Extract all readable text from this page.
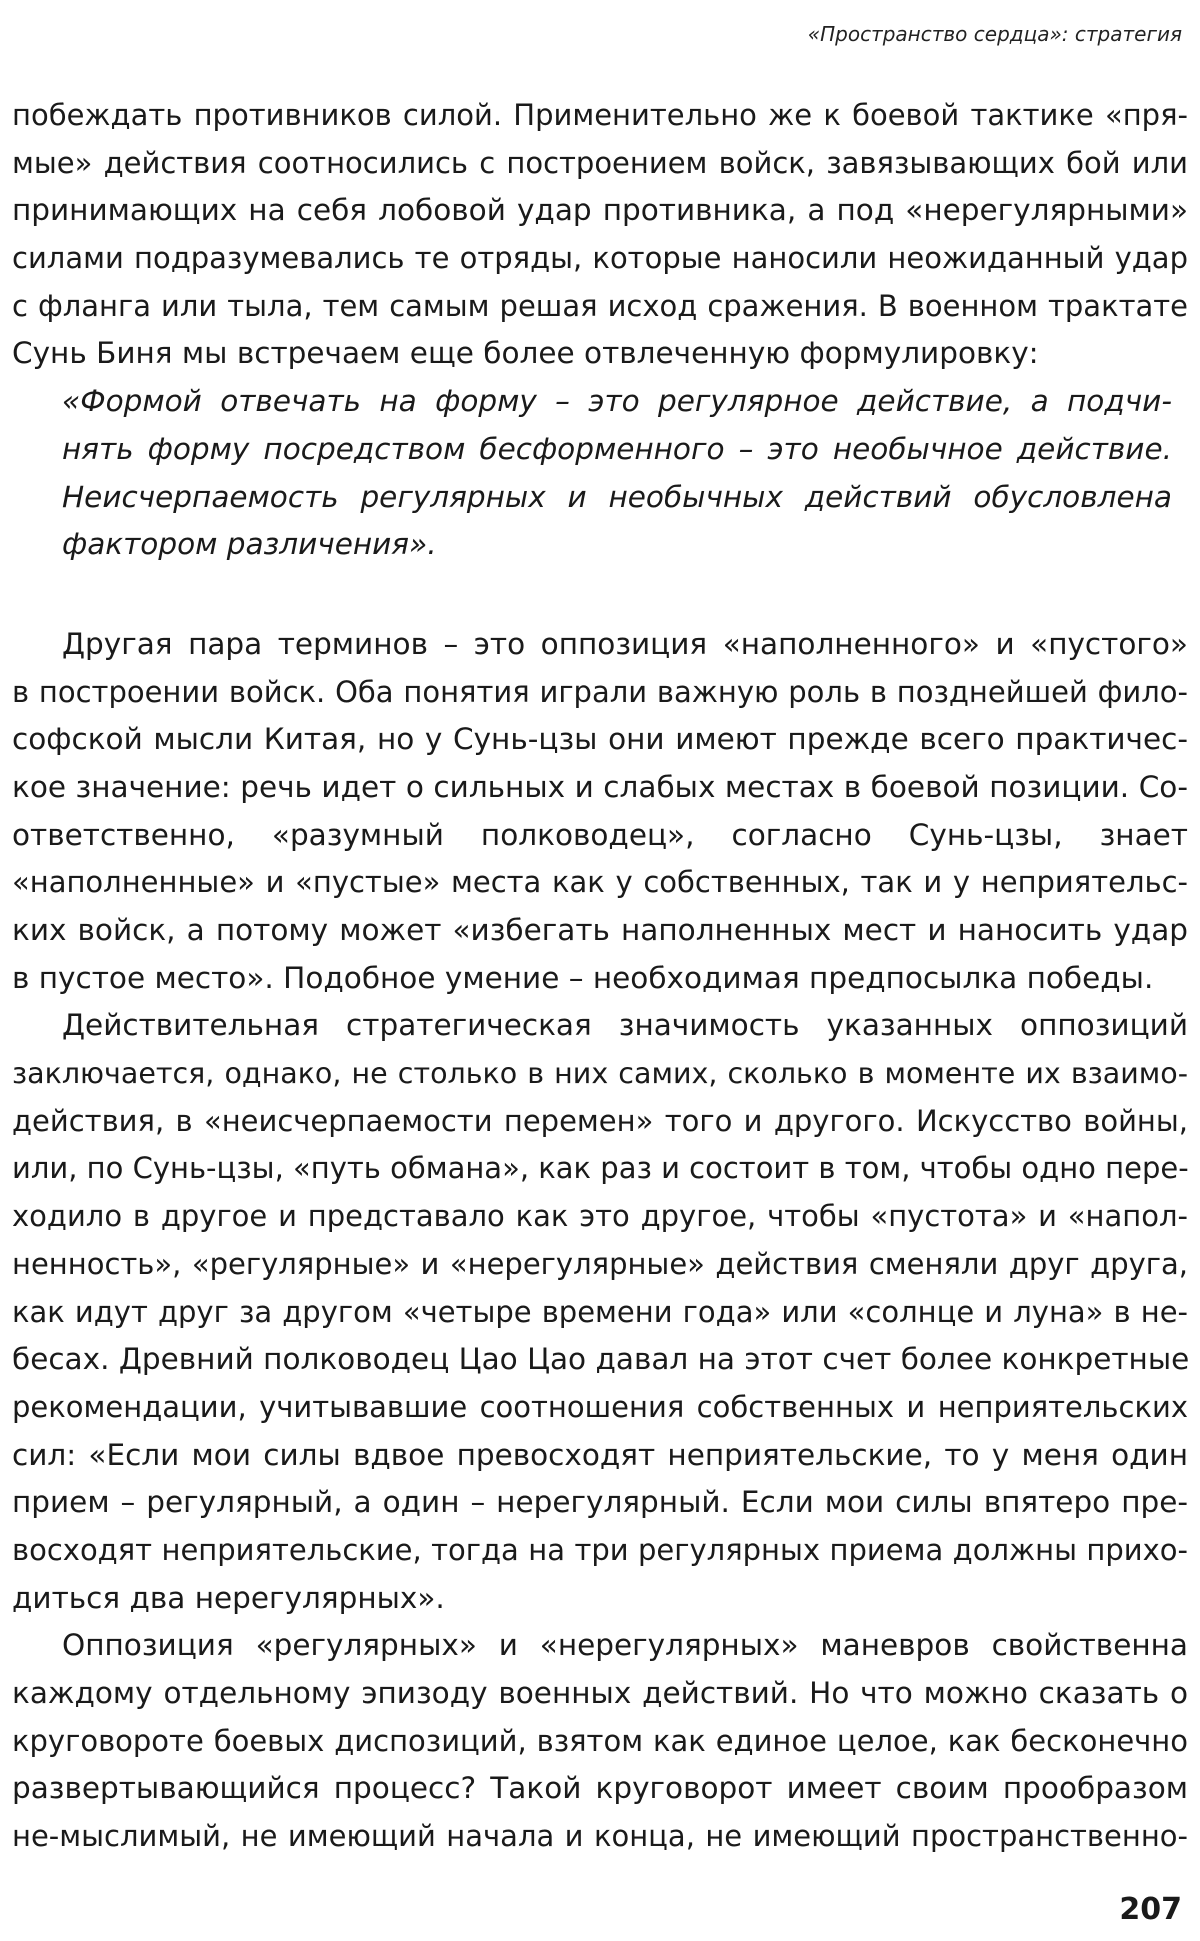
«Пространство сердца»: стратегия
побеждать противников силой. Применительно же к боевой тактике «пря-
мые» действия соотносились с построением войск, завязывающих бой или
принимающих на себя лобовой удар противника, а под «нерегулярными»
силами подразумевались те отряды, которые наносили неожиданный удар
с фланга или тыла, тем самым решая исход сражения. В военном трактате
Сунь Биня мы встречаем еще более отвлеченную формулировку:
«Формой отвечать на форму – это регулярное действие, а подчи-
нять форму посредством бесформенного – это необычное действие.
Неисчерпаемость регулярных и необычных действий обусловлена
фактором различения».
Другая пара терминов – это оппозиция «наполненного» и «пустого»
в построении войск. Оба понятия играли важную роль в позднейшей фило-
софской мысли Китая, но у Сунь-цзы они имеют прежде всего практичес-
кое значение: речь идет о сильных и слабых местах в боевой позиции. Со-
ответственно, «разумный полководец», согласно Сунь-цзы, знает
«наполненные» и «пустые» места как у собственных, так и у неприятельс-
ких войск, а потому может «избегать наполненных мест и наносить удар
в пустое место». Подобное умение – необходимая предпосылка победы.
Действительная стратегическая значимость указанных оппозиций
заключается, однако, не столько в них самих, сколько в моменте их взаимо-
действия, в «неисчерпаемости перемен» того и другого. Искусство войны,
или, по Сунь-цзы, «путь обмана», как раз и состоит в том, чтобы одно пере-
ходило в другое и представало как это другое, чтобы «пустота» и «напол-
ненность», «регулярные» и «нерегулярные» действия сменяли друг друга,
как идут друг за другом «четыре времени года» или «солнце и луна» в не-
бесах. Древний полководец Цао Цао давал на этот счет более конкретные
рекомендации, учитывавшие соотношения собственных и неприятельских
сил: «Если мои силы вдвое превосходят неприятельские, то у меня один
прием – регулярный, а один – нерегулярный. Если мои силы впятеро пре-
восходят неприятельские, тогда на три регулярных приема должны прихо-
диться два нерегулярных».
Оппозиция «регулярных» и «нерегулярных» маневров свойственна
каждому отдельному эпизоду военных действий. Но что можно сказать о
круговороте боевых диспозиций, взятом как единое целое, как бесконечно
развертывающийся процесс? Такой круговорот имеет своим прообразом
не-мыслимый, не имеющий начала и конца, не имеющий пространственно-
207
